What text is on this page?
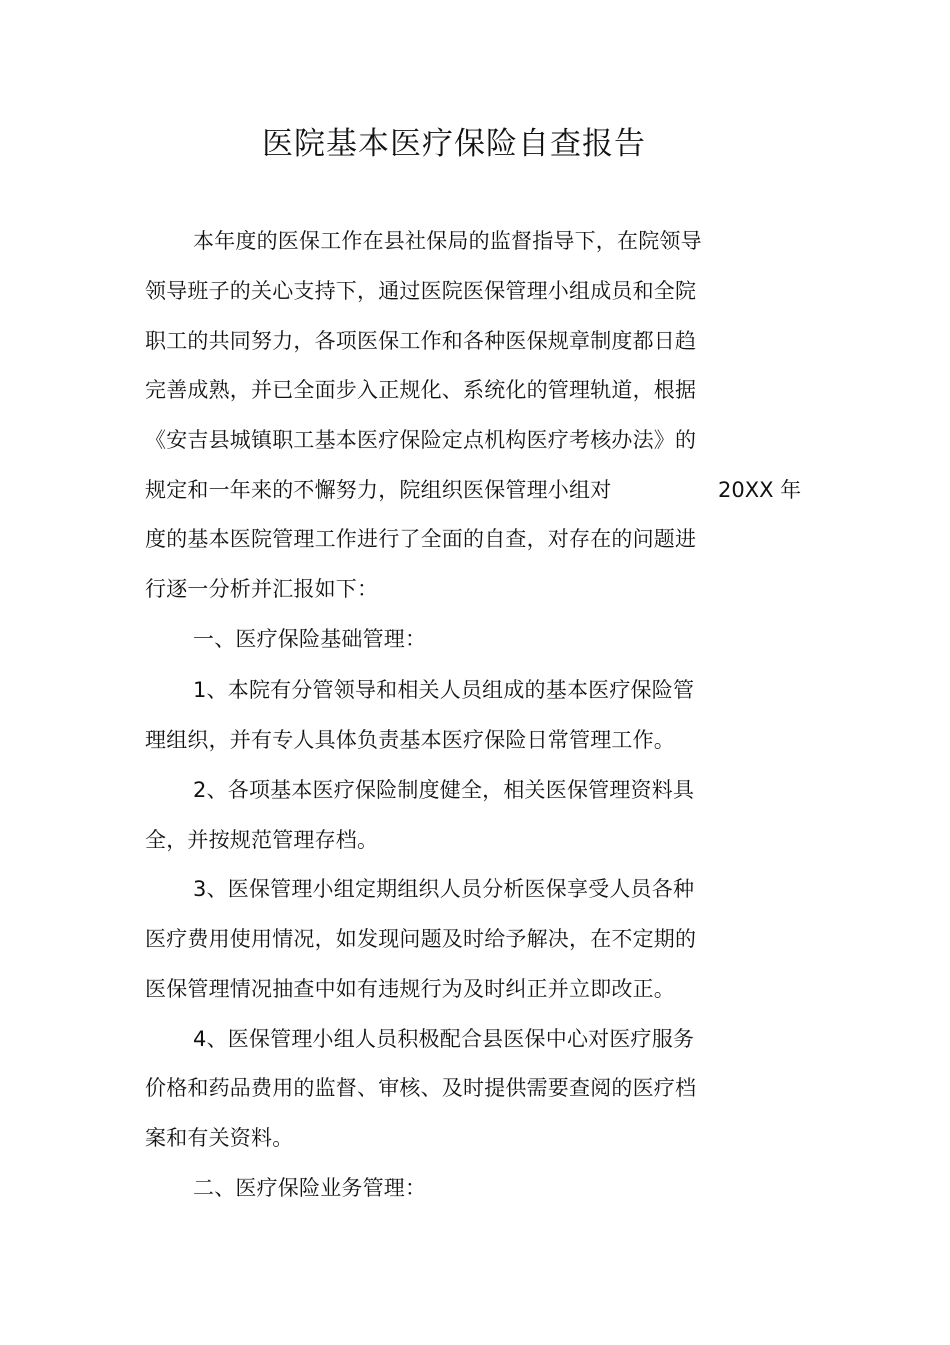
医院基本医疗保险自查报告
本年度的医保工作在县社保局的监督指导下，在院领导
领导班子的关心支持下，通过医院医保管理小组成员和全院
职工的共同努力，各项医保工作和各种医保规章制度都日趋
完善成熟，并已全面步入正规化、系统化的管理轨道，根据
《安吉县城镇职工基本医疗保险定点机构医疗考核办法》的
规定和一年来的不懈努力，院组织医保管理小组对	20XX 年
度的基本医院管理工作进行了全面的自查，对存在的问题进
行逐一分析并汇报如下：
一、医疗保险基础管理：
1、本院有分管领导和相关人员组成的基本医疗保险管
理组织，并有专人具体负责基本医疗保险日常管理工作。
2、各项基本医疗保险制度健全，相关医保管理资料具
全，并按规范管理存档。
3、医保管理小组定期组织人员分析医保享受人员各种
医疗费用使用情况，如发现问题及时给予解决，在不定期的
医保管理情况抽查中如有违规行为及时纠正并立即改正。
4、医保管理小组人员积极配合县医保中心对医疗服务
价格和药品费用的监督、审核、及时提供需要查阅的医疗档
案和有关资料。
二、医疗保险业务管理：
